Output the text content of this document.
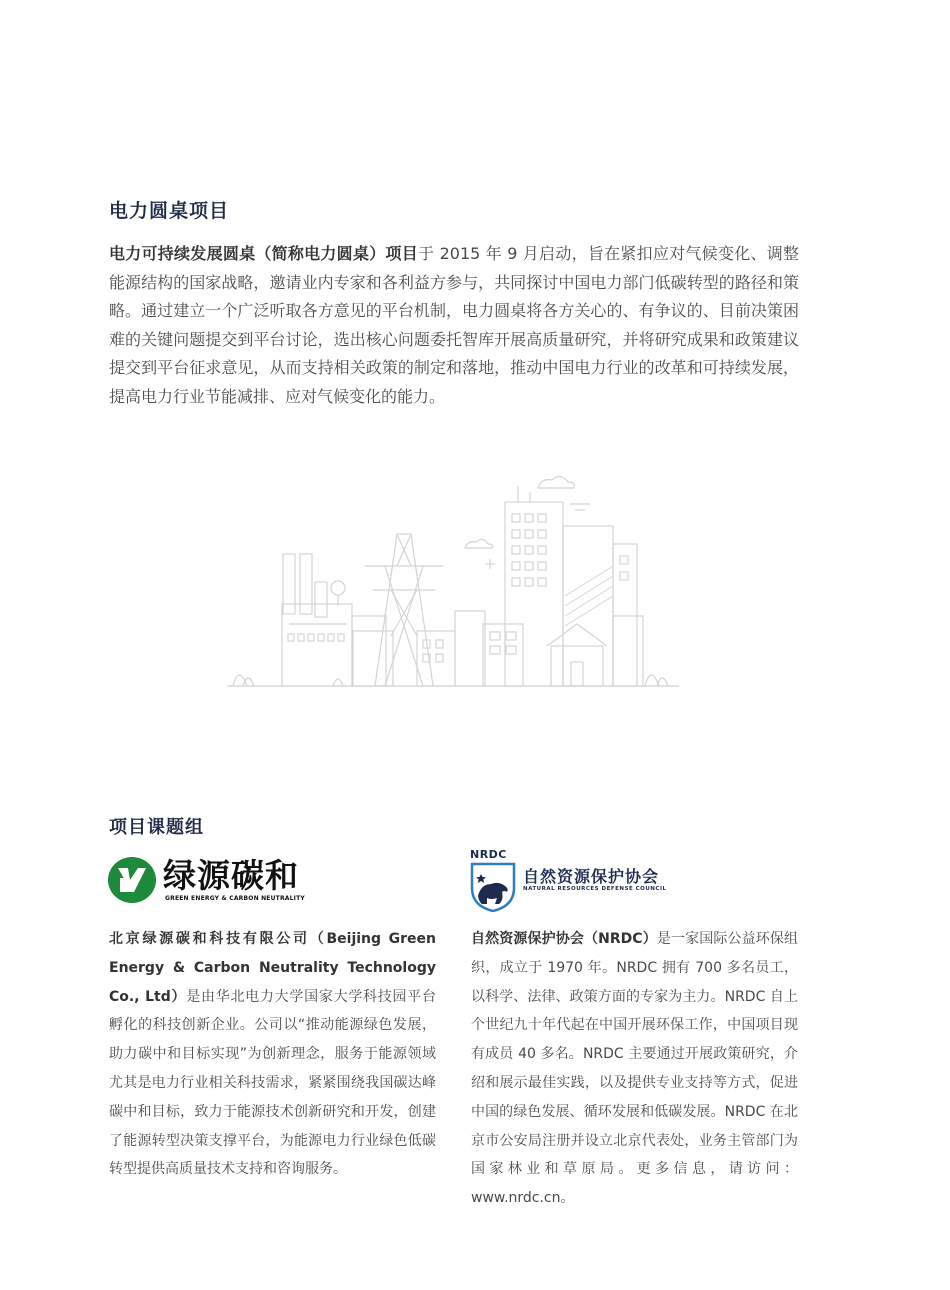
电力圆桌项目

电力可持续发展圆桌（简称电力圆桌）项目于 2015 年 9 月启动，旨在紧扣应对气候变化、调整能源结构的国家战略，邀请业内专家和各利益方参与，共同探讨中国电力部门低碳转型的路径和策略。通过建立一个广泛听取各方意见的平台机制，电力圆桌将各方关心的、有争议的、目前决策困难的关键问题提交到平台讨论，选出核心问题委托智库开展高质量研究，并将研究成果和政策建议提交到平台征求意见，从而支持相关政策的制定和落地，推动中国电力行业的改革和可持续发展，提高电力行业节能减排、应对气候变化的能力。

项目课题组
绿源碳和
GREEN ENERGY & CARBON NEUTRALITY
NRDC
自然资源保护协会
NATURAL RESOURCES DEFENSE COUNCIL

北京绿源碳和科技有限公司（Beijing Green Energy & Carbon Neutrality Technology Co., Ltd）是由华北电力大学国家大学科技园平台孵化的科技创新企业。公司以“推动能源绿色发展，助力碳中和目标实现”为创新理念，服务于能源领域尤其是电力行业相关科技需求，紧紧围绕我国碳达峰碳中和目标，致力于能源技术创新研究和开发，创建了能源转型决策支撑平台，为能源电力行业绿色低碳转型提供高质量技术支持和咨询服务。

自然资源保护协会（NRDC）是一家国际公益环保组织，成立于 1970 年。NRDC 拥有 700 多名员工，以科学、法律、政策方面的专家为主力。NRDC 自上个世纪九十年代起在中国开展环保工作，中国项目现有成员 40 多名。NRDC 主要通过开展政策研究，介绍和展示最佳实践，以及提供专业支持等方式，促进中国的绿色发展、循环发展和低碳发展。NRDC 在北京市公安局注册并设立北京代表处，业务主管部门为国家林业和草原局。更多信息，请访问：www.nrdc.cn。
